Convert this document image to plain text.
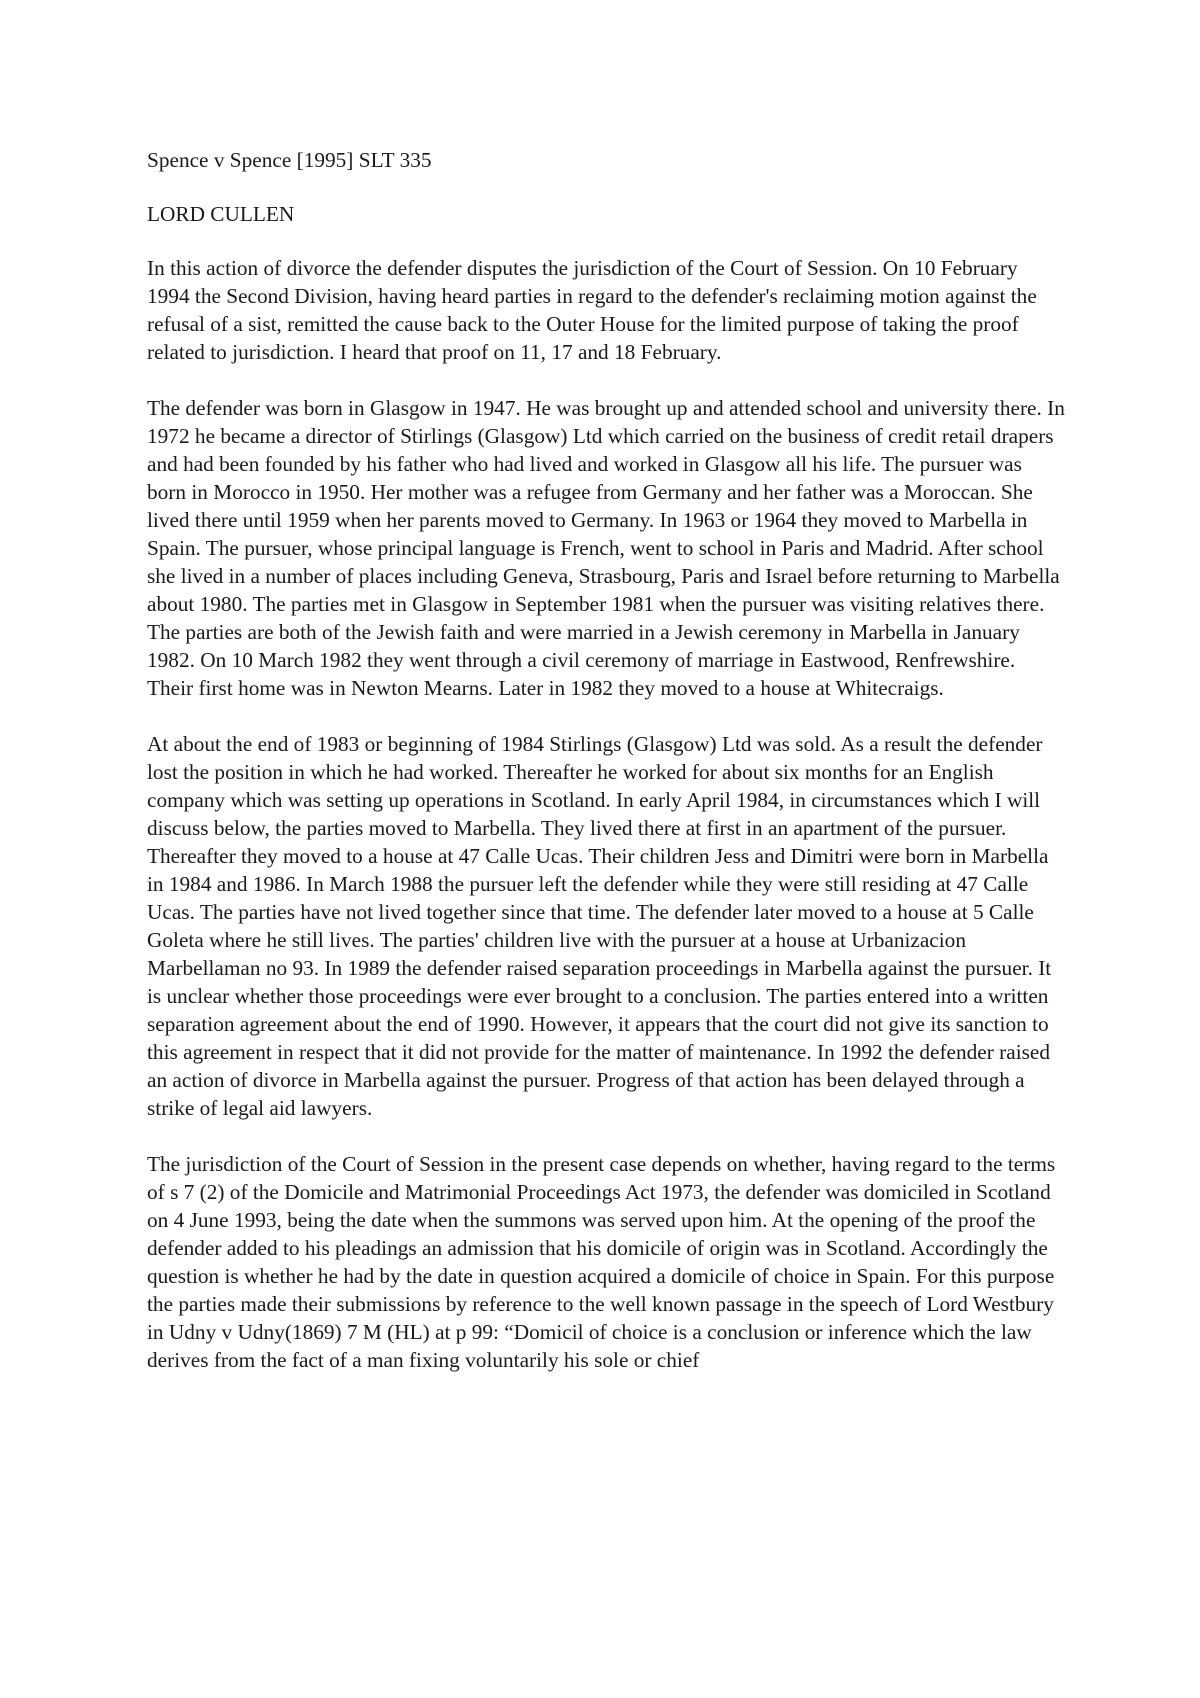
Spence v Spence [1995] SLT 335

LORD CULLEN

In this action of divorce the defender disputes the jurisdiction of the Court of Session. On 10 February 1994 the Second Division, having heard parties in regard to the defender's reclaiming motion against the refusal of a sist, remitted the cause back to the Outer House for the limited purpose of taking the proof related to jurisdiction. I heard that proof on 11, 17 and 18 February.

The defender was born in Glasgow in 1947. He was brought up and attended school and university there. In 1972 he became a director of Stirlings (Glasgow) Ltd which carried on the business of credit retail drapers and had been founded by his father who had lived and worked in Glasgow all his life. The pursuer was born in Morocco in 1950. Her mother was a refugee from Germany and her father was a Moroccan. She lived there until 1959 when her parents moved to Germany. In 1963 or 1964 they moved to Marbella in Spain. The pursuer, whose principal language is French, went to school in Paris and Madrid. After school she lived in a number of places including Geneva, Strasbourg, Paris and Israel before returning to Marbella about 1980. The parties met in Glasgow in September 1981 when the pursuer was visiting relatives there. The parties are both of the Jewish faith and were married in a Jewish ceremony in Marbella in January 1982. On 10 March 1982 they went through a civil ceremony of marriage in Eastwood, Renfrewshire. Their first home was in Newton Mearns. Later in 1982 they moved to a house at Whitecraigs.

At about the end of 1983 or beginning of 1984 Stirlings (Glasgow) Ltd was sold. As a result the defender lost the position in which he had worked. Thereafter he worked for about six months for an English company which was setting up operations in Scotland. In early April 1984, in circumstances which I will discuss below, the parties moved to Marbella. They lived there at first in an apartment of the pursuer. Thereafter they moved to a house at 47 Calle Ucas. Their children Jess and Dimitri were born in Marbella in 1984 and 1986. In March 1988 the pursuer left the defender while they were still residing at 47 Calle Ucas. The parties have not lived together since that time. The defender later moved to a house at 5 Calle Goleta where he still lives. The parties' children live with the pursuer at a house at Urbanizacion Marbellaman no 93. In 1989 the defender raised separation proceedings in Marbella against the pursuer. It is unclear whether those proceedings were ever brought to a conclusion. The parties entered into a written separation agreement about the end of 1990. However, it appears that the court did not give its sanction to this agreement in respect that it did not provide for the matter of maintenance. In 1992 the defender raised an action of divorce in Marbella against the pursuer. Progress of that action has been delayed through a strike of legal aid lawyers.

The jurisdiction of the Court of Session in the present case depends on whether, having regard to the terms of s 7 (2) of the Domicile and Matrimonial Proceedings Act 1973, the defender was domiciled in Scotland on 4 June 1993, being the date when the summons was served upon him. At the opening of the proof the defender added to his pleadings an admission that his domicile of origin was in Scotland. Accordingly the question is whether he had by the date in question acquired a domicile of choice in Spain. For this purpose the parties made their submissions by reference to the well known passage in the speech of Lord Westbury in Udny v Udny(1869) 7 M (HL) at p 99: “Domicil of choice is a conclusion or inference which the law derives from the fact of a man fixing voluntarily his sole or chief
